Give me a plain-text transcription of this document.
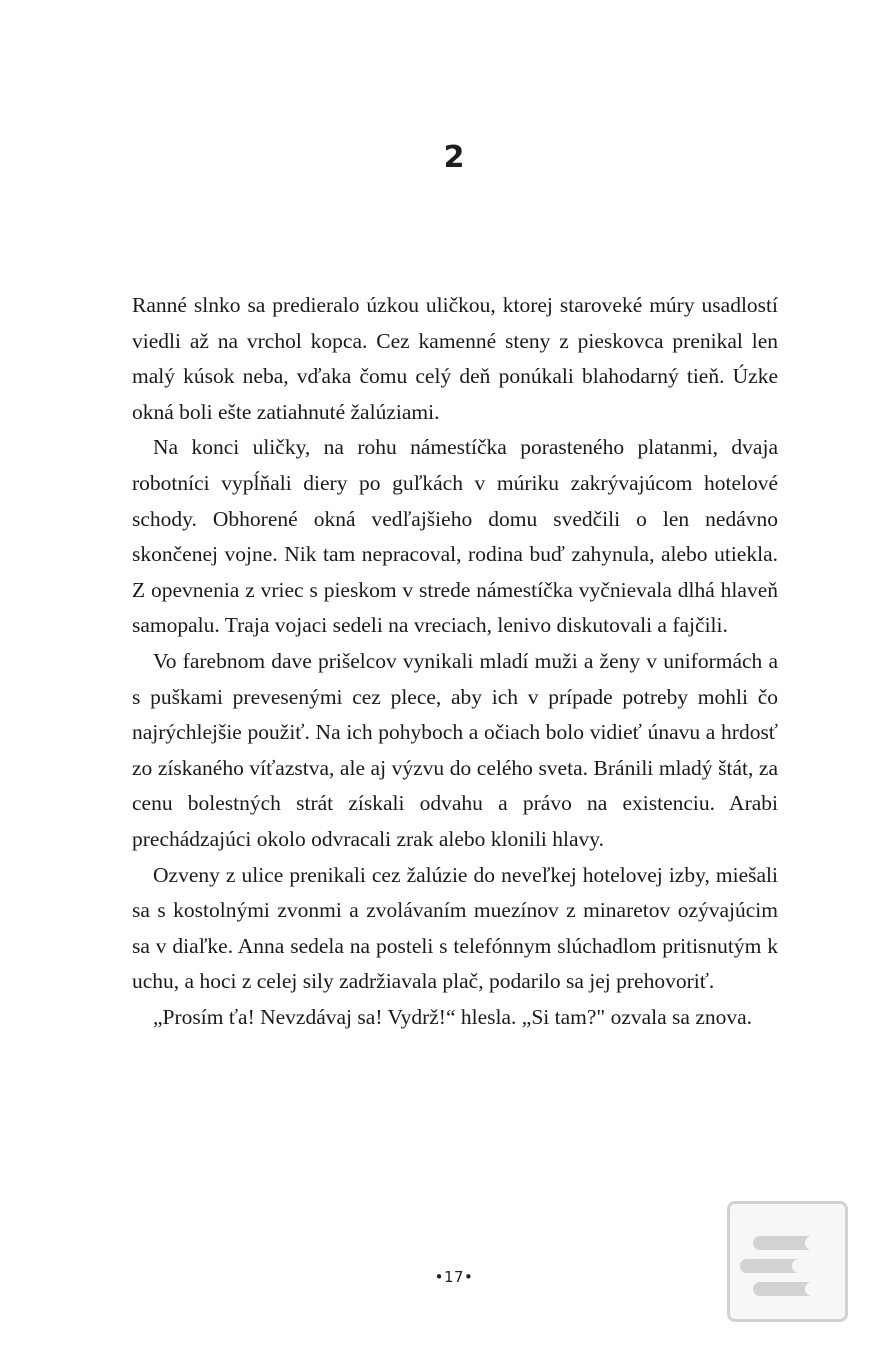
2

Ranné slnko sa predieralo úzkou uličkou, ktorej staroveké múry usadlostí viedli až na vrchol kopca. Cez kamenné steny z pieskovca prenikal len malý kúsok neba, vďaka čomu celý deň ponúkali blahodarný tieň. Úzke okná boli ešte zatiahnuté žalúziami.

Na konci uličky, na rohu námestíčka porasteného platanmi, dvaja robotníci vypĺňali diery po guľkách v múriku zakrývajúcom hotelové schody. Obhorené okná vedľajšieho domu svedčili o len nedávno skončenej vojne. Nik tam nepracoval, rodina buď zahynula, alebo utiekla. Z opevnenia z vriec s pieskom v strede námestíčka vyčnievala dlhá hlaveň samopalu. Traja vojaci sedeli na vreciach, lenivo diskutovali a fajčili.

Vo farebnom dave prišelcov vynikali mladí muži a ženy v uniformách a s puškami prevesenými cez plece, aby ich v prípade potreby mohli čo najrýchlejšie použiť. Na ich pohyboch a očiach bolo vidieť únavu a hrdosť zo získaného víťazstva, ale aj výzvu do celého sveta. Bránili mladý štát, za cenu bolestných strát získali odvahu a právo na existenciu. Arabi prechádzajúci okolo odvracali zrak alebo klonili hlavy.

Ozveny z ulice prenikali cez žalúzie do neveľkej hotelovej izby, miešali sa s kostolnými zvonmi a zvolávaním muezínov z minaretov ozývajúcim sa v diaľke. Anna sedela na posteli s telefónnym slúchadlom pritisnutým k uchu, a hoci z celej sily zadržiavala plač, podarilo sa jej prehovoriť.

„Prosím ťa! Nevzdávaj sa! Vydrž!“ hlesla. „Si tam?" ozvala sa znova.

•17•
